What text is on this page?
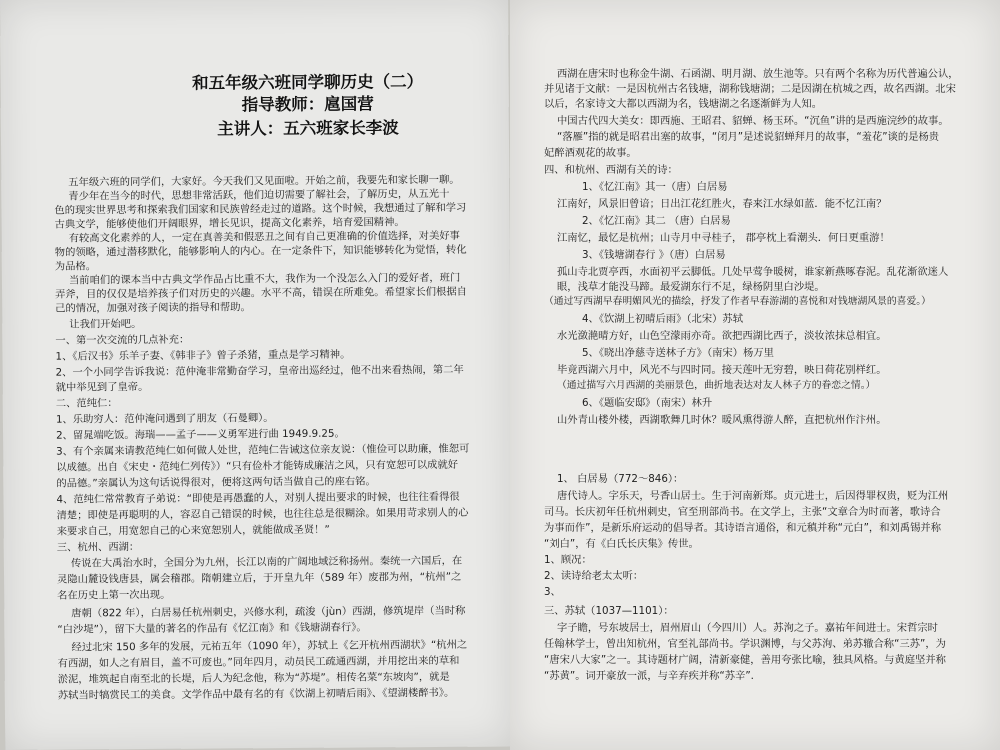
和五年级六班同学聊历史（二）
指导教师：扈国营
主讲人：五六班家长李波
五年级六班的同学们，大家好。今天我们又见面啦。开始之前，我要先和家长聊一聊。
青少年在当今的时代，思想非常活跃，他们迫切需要了解社会，了解历史，从五光十
色的现实世界思考和探索我们国家和民族曾经走过的道路。这个时候，我想通过了解和学习
古典文学，能够使他们开阔眼界，增长见识，提高文化素养，培育爱国精神。
有较高文化素养的人，一定在真善美和假恶丑之间有自己更准确的价值选择，对美好事
物的领略，通过潜移默化，能够影响人的内心。在一定条件下，知识能够转化为觉悟，转化
为品格。
当前咱们的课本当中古典文学作品占比重不大，我作为一个没怎么入门的爱好者，班门
弄斧，目的仅仅是培养孩子们对历史的兴趣。水平不高，错误在所难免。希望家长们根据自
己的情况，加强对孩子阅读的指导和帮助。
让我们开始吧。
一、第一次交流的几点补充：
1、《后汉书》乐羊子妻、《韩非子》曾子杀猪，重点是学习精神。
2、一个小同学告诉我说：范仲淹非常勤奋学习，皇帝出巡经过，他不出来看热闹，第二年
就中举见到了皇帝。
二、范纯仁：
1、乐助穷人：范仲淹问遇到了朋友（石曼卿）。
2、留晁端吃饭。海瑞——孟子——义勇军进行曲 1949.9.25。
3、有个亲属来请教范纯仁如何做人处世，范纯仁告诫这位亲友说：（惟俭可以助廉，惟恕可
以成德。出自《宋史・范纯仁列传》）“只有俭朴才能铸成廉洁之风，只有宽恕可以成就好
的品德。”亲属认为这句话说得很对，便将这两句话当做自己的座右铭。
4、范纯仁常常教育子弟说：“即使是再愚蠢的人，对别人提出要求的时候，也往往看得很
清楚；即使是再聪明的人，容忍自己错误的时候，也往往总是很糊涂。如果用苛求别人的心
来要求自己，用宽恕自己的心来宽恕别人，就能做成圣贤！”
三、杭州、西湖：
传说在大禹治水时，全国分为九州，长江以南的广阔地域泛称扬州。秦统一六国后，在
灵隐山麓设钱唐县，属会稽郡。隋朝建立后，于开皇九年（589 年）废郡为州，“杭州”之
名在历史上第一次出现。
唐朝（822 年），白居易任杭州刺史，兴修水利，疏浚（jùn）西湖，修筑堤岸（当时称
“白沙堤”），留下大量的著名的作品有《忆江南》和《钱塘湖春行》。
经过北宋 150 多年的发展，元祐五年（1090 年），苏轼上《乞开杭州西湖状》“杭州之
有西湖，如人之有眉目，盖不可废也。”同年四月，动员民工疏通西湖，并用挖出来的草和
淤泥，堆筑起自南至北的长堤，后人为纪念他，称为“苏堤”。相传名菜“东坡肉”，就是
苏轼当时犒赏民工的美食。文学作品中最有名的有《饮湖上初晴后雨》、《望湖楼醉书》。
西湖在唐宋时也称金牛湖、石函湖、明月湖、放生池等。只有两个名称为历代普遍公认，
并见诸于文献：一是因杭州古名钱塘，湖称钱塘湖；二是因湖在杭城之西，故名西湖。北宋
以后，名家诗文大都以西湖为名，钱塘湖之名逐渐鲜为人知。
中国古代四大美女：即西施、王昭君、貂蝉、杨玉环。“沉鱼”讲的是西施浣纱的故事。
“落雁”指的就是昭君出塞的故事，“闭月”是述说貂蝉拜月的故事，“羞花”谈的是杨贵
妃醉酒观花的故事。
四、和杭州、西湖有关的诗：
1、《忆江南》其一（唐）白居易
江南好，风景旧曾谙；日出江花红胜火，春来江水绿如蓝．能不忆江南？
2、《忆江南》其二 （唐）白居易
江南忆，最忆是杭州；山寺月中寻桂子， 郡亭枕上看潮头．何日更重游！
3、《钱塘湖春行 》（唐）白居易
孤山寺北贾亭西，水面初平云脚低。几处早莺争暖树，谁家新燕啄春泥。乱花渐欲迷人
眼，浅草才能没马蹄。最爱湖东行不足，绿杨阴里白沙堤。
（通过写西湖早春明媚风光的描绘，抒发了作者早春游湖的喜悦和对钱塘湖风景的喜爱。）
4、《饮湖上初晴后雨》（北宋）苏轼
水光潋滟晴方好，山色空濛雨亦奇。欲把西湖比西子，淡妆浓抹总相宜。
5、《晓出净慈寺送林子方》（南宋）杨万里
毕竟西湖六月中，风光不与四时同。接天莲叶无穷碧，映日荷花别样红。
（通过描写六月西湖的美丽景色，曲折地表达对友人林子方的眷恋之情。）
6、《题临安邸》（南宋）林升
山外青山楼外楼，西湖歌舞几时休？暖风熏得游人醉，直把杭州作汴州。
1、 白居易（772～846）：
唐代诗人。字乐天，号香山居士。生于河南新郑。贞元进士，后因得罪权贵，贬为江州
司马。长庆初年任杭州刺史，官至刑部尚书。在文学上，主张“文章合为时而著，歌诗合
为事而作”，是新乐府运动的倡导者。其诗语言通俗，和元稹并称“元白”，和刘禹锡并称
“刘白”，有《白氏长庆集》传世。
1、顾况：
2、读诗给老太太听：
3、
三、苏轼（1037—1101）：
字子瞻，号东坡居士，眉州眉山（今四川）人。苏洵之子。嘉祐年间进士。宋哲宗时
任翰林学士，曾出知杭州，官至礼部尚书。学识渊博，与父苏洵、弟苏辙合称“三苏”，为
“唐宋八大家”之一。其诗题材广阔，清新豪健，善用夸张比喻，独具风格。与黄庭坚并称
“苏黄”。词开豪放一派，与辛弃疾并称“苏辛”.
